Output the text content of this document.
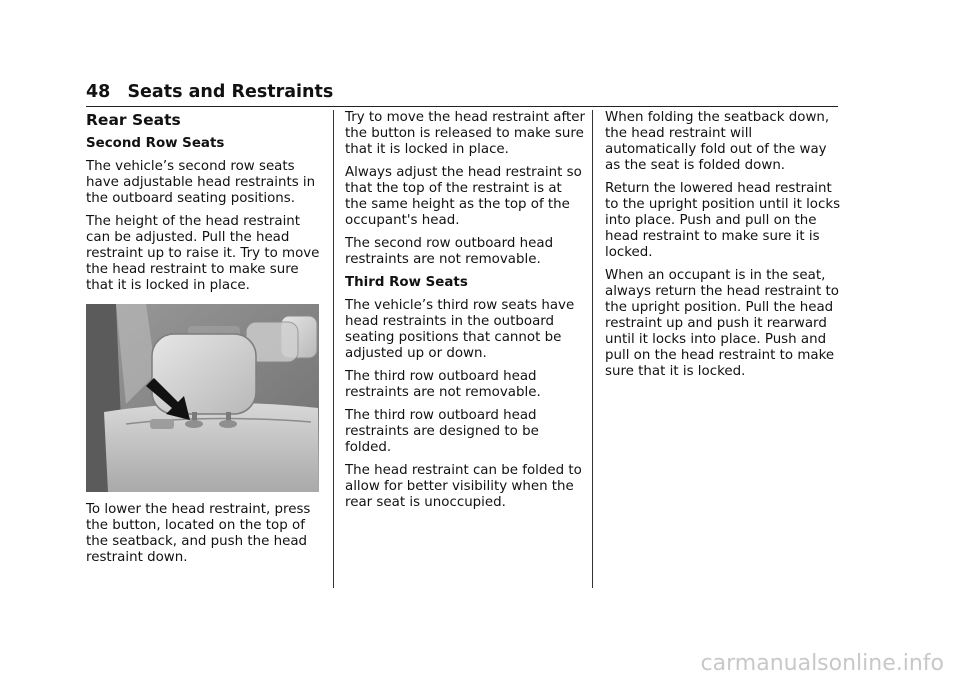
48 Seats and Restraints
Rear Seats
Second Row Seats

The vehicle’s second row seats have adjustable head restraints in the outboard seating positions.

The height of the head restraint can be adjusted. Pull the head restraint up to raise it. Try to move the head restraint to make sure that it is locked in place.

To lower the head restraint, press the button, located on the top of the seatback, and push the head restraint down.

Try to move the head restraint after the button is released to make sure that it is locked in place.

Always adjust the head restraint so that the top of the restraint is at the same height as the top of the occupant's head.

The second row outboard head restraints are not removable.

Third Row Seats

The vehicle’s third row seats have head restraints in the outboard seating positions that cannot be adjusted up or down.

The third row outboard head restraints are not removable.

The third row outboard head restraints are designed to be folded.

The head restraint can be folded to allow for better visibility when the rear seat is unoccupied.

When folding the seatback down, the head restraint will automatically fold out of the way as the seat is folded down.

Return the lowered head restraint to the upright position until it locks into place. Push and pull on the head restraint to make sure it is locked.

When an occupant is in the seat, always return the head restraint to the upright position. Pull the head restraint up and push it rearward until it locks into place. Push and pull on the head restraint to make sure that it is locked.

carmanualsonline.info
